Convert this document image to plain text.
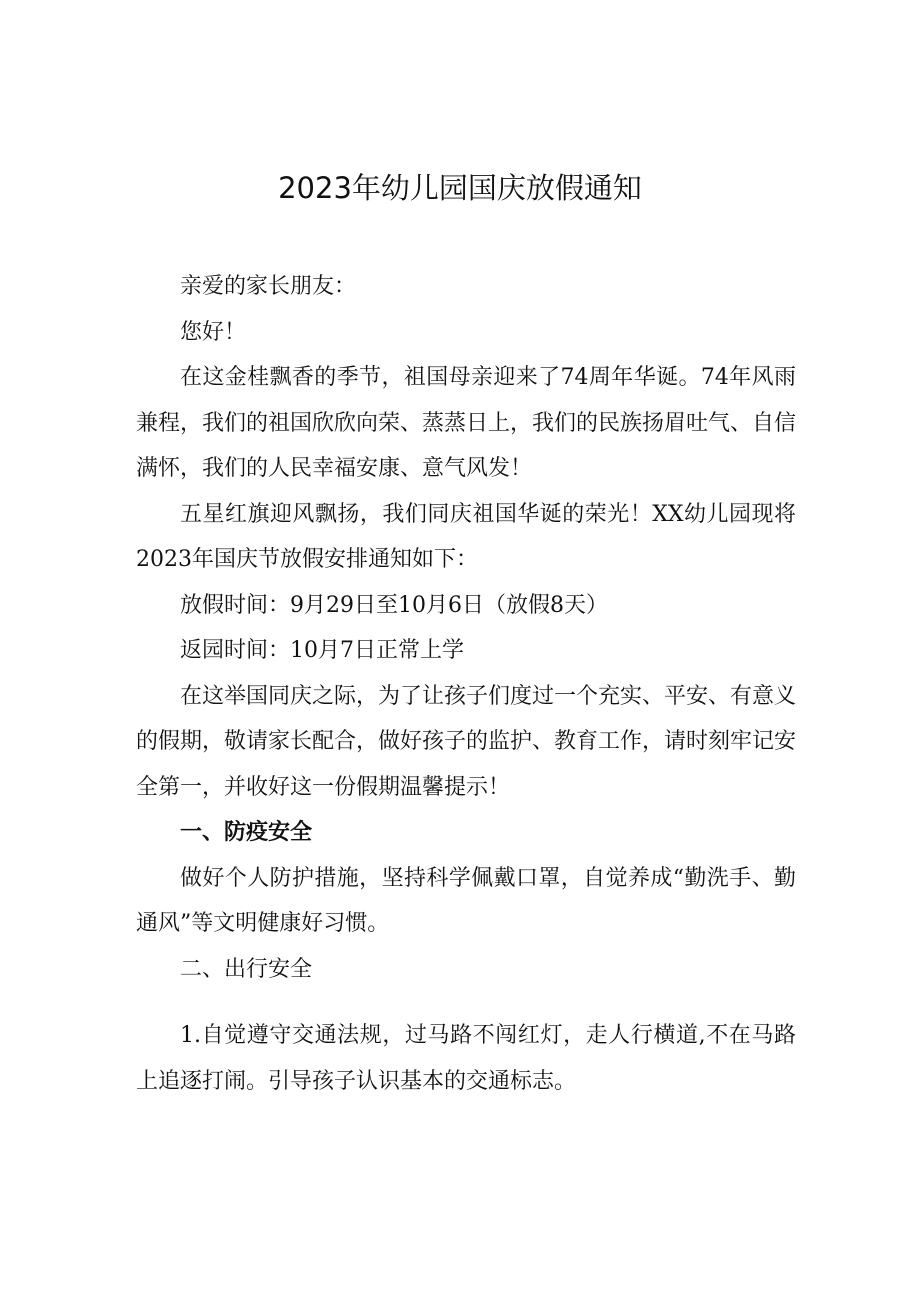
2023年幼儿园国庆放假通知

亲爱的家长朋友：

您好！

在这金桂飘香的季节，祖国母亲迎来了74周年华诞。74年风雨兼程，我们的祖国欣欣向荣、蒸蒸日上，我们的民族扬眉吐气、自信满怀，我们的人民幸福安康、意气风发！

五星红旗迎风飘扬，我们同庆祖国华诞的荣光！XX幼儿园现将2023年国庆节放假安排通知如下：

放假时间：9月29日至10月6日（放假8天）

返园时间：10月7日正常上学

在这举国同庆之际，为了让孩子们度过一个充实、平安、有意义的假期，敬请家长配合，做好孩子的监护、教育工作，请时刻牢记安全第一，并收好这一份假期温馨提示！

一、防疫安全

做好个人防护措施，坚持科学佩戴口罩，自觉养成“勤洗手、勤通风”等文明健康好习惯。

二、出行安全

1.自觉遵守交通法规，过马路不闯红灯，走人行横道,不在马路上追逐打闹。引导孩子认识基本的交通标志。
